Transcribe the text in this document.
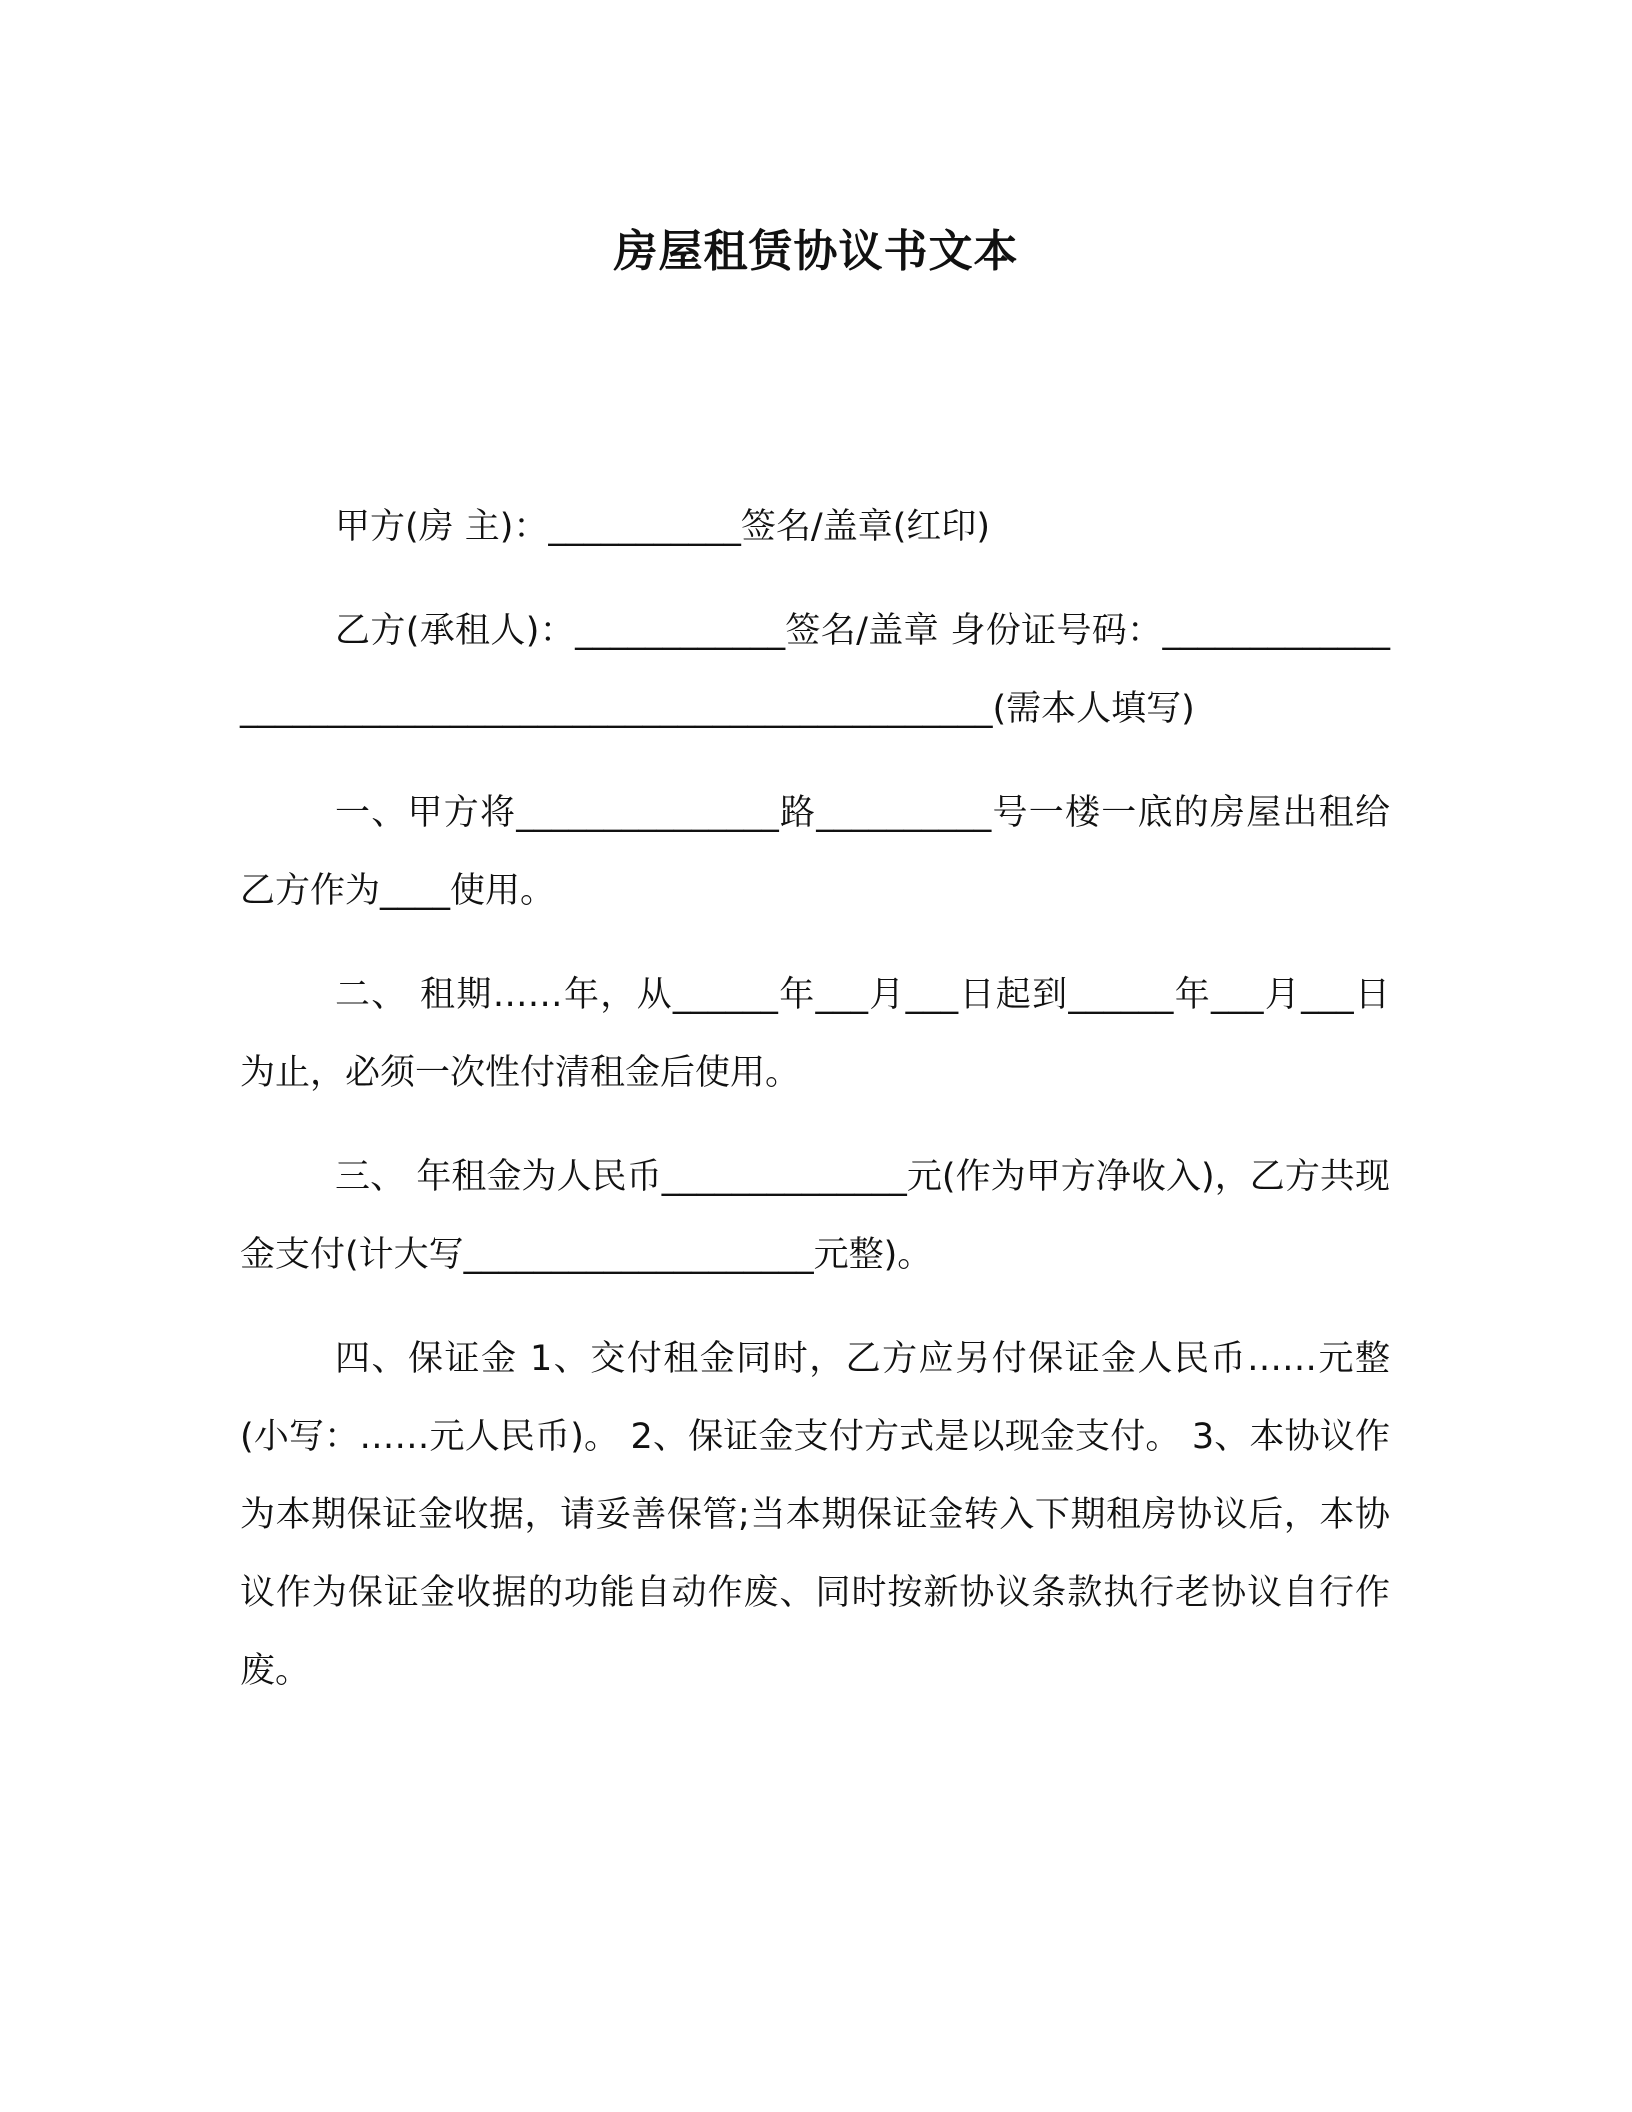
房屋租赁协议书文本

甲方(房 主)：___________签名/盖章(红印)

乙方(承租人)：____________签名/盖章 身份证号码：________________________________________________________(需本人填写)

一、甲方将_______________路__________号一楼一底的房屋出租给乙方作为____使用。

二、 租期……年，从______年___月___日起到______年___月___日为止，必须一次性付清租金后使用。

三、 年租金为人民币______________元(作为甲方净收入)，乙方共现金支付(计大写____________________元整)。

四、保证金 1、交付租金同时，乙方应另付保证金人民币……元整(小写：……元人民币)。 2、保证金支付方式是以现金支付。 3、本协议作为本期保证金收据，请妥善保管;当本期保证金转入下期租房协议后，本协议作为保证金收据的功能自动作废、同时按新协议条款执行老协议自行作废。
